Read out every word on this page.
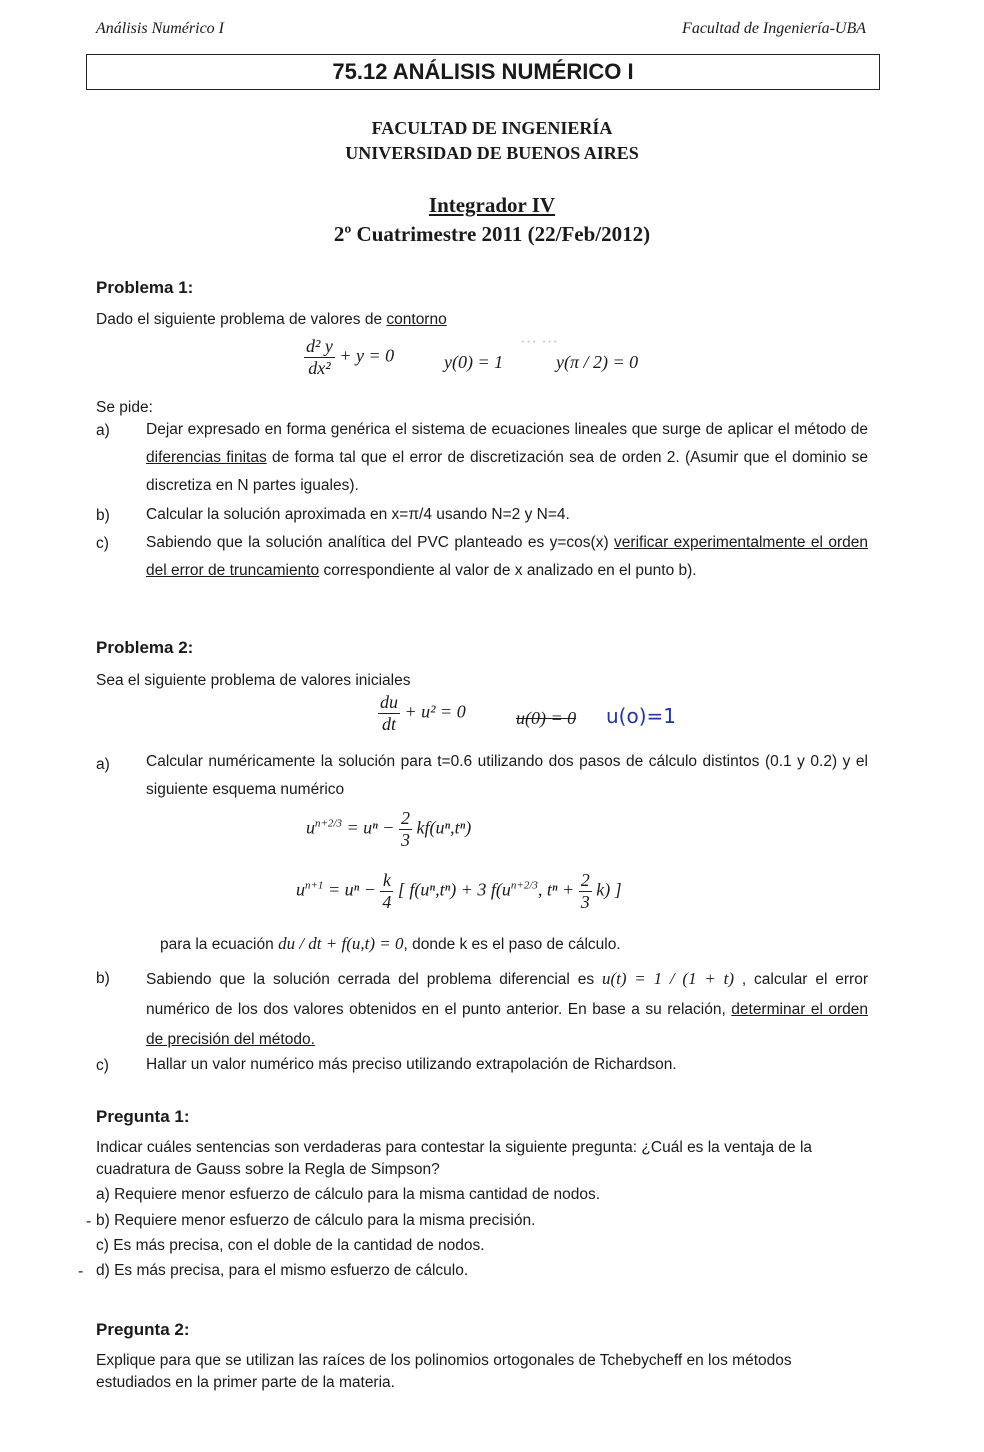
··· ···
Análisis Numérico I	Facultad de Ingeniería-UBA
75.12 ANÁLISIS NUMÉRICO I
FACULTAD DE INGENIERÍA
UNIVERSIDAD DE BUENOS AIRES
Integrador IV
2º Cuatrimestre 2011 (22/Feb/2012)
Problema 1:
Dado el siguiente problema de valores de contorno
$\frac{\text{d² y}}{\text{dx²}} + y = 0$	y(0) = 1	y(π / 2) = 0
Se pide:
a) Dejar expresado en forma genérica el sistema de ecuaciones lineales que surge de aplicar el método de diferencias finitas de forma tal que el error de discretización sea de orden 2. (Asumir que el dominio se discretiza en N partes iguales).
b) Calcular la solución aproximada en x=π/4 usando N=2 y N=4.
c) Sabiendo que la solución analítica del PVC planteado es y=cos(x) verificar experimentalmente el orden del error de truncamiento correspondiente al valor de x analizado en el punto b).
Problema 2:
Sea el siguiente problema de valores iniciales
$\frac{du}{dt} + u^2 = 0$	u(0) = 0 u(o)=1
a) Calcular numéricamente la solución para t=0.6 utilizando dos pasos de cálculo distintos (0.1 y 0.2) y el siguiente esquema numérico
$u^{n+2/3} = u^n - \frac{2}{3} kf(u^n,t^n)$
$u^{n+1} = u^n - \frac{k}{4}$ [ f(uⁿ,tⁿ) + 3 $f(u^{n+2/3}$, $t^n + \frac{2}{3} k$) ]
para la ecuación du / dt + f(u,t) = 0, donde k es el paso de cálculo.
b) Sabiendo que la solución cerrada del problema diferencial es u(t) = 1 / (1 + t) , calcular el error numérico de los dos valores obtenidos en el punto anterior. En base a su relación, determinar el orden de precisión del método.
c) Hallar un valor numérico más preciso utilizando extrapolación de Richardson.
Pregunta 1:
Indicar cuáles sentencias son verdaderas para contestar la siguiente pregunta: ¿Cuál es la ventaja de la cuadratura de Gauss sobre la Regla de Simpson?
a) Requiere menor esfuerzo de cálculo para la misma cantidad de nodos.
b) Requiere menor esfuerzo de cálculo para la misma precisión.
c) Es más precisa, con el doble de la cantidad de nodos.
d) Es más precisa, para el mismo esfuerzo de cálculo.
-
-
Pregunta 2:
Explique para que se utilizan las raíces de los polinomios ortogonales de Tchebycheff en los métodos estudiados en la primer parte de la materia.
